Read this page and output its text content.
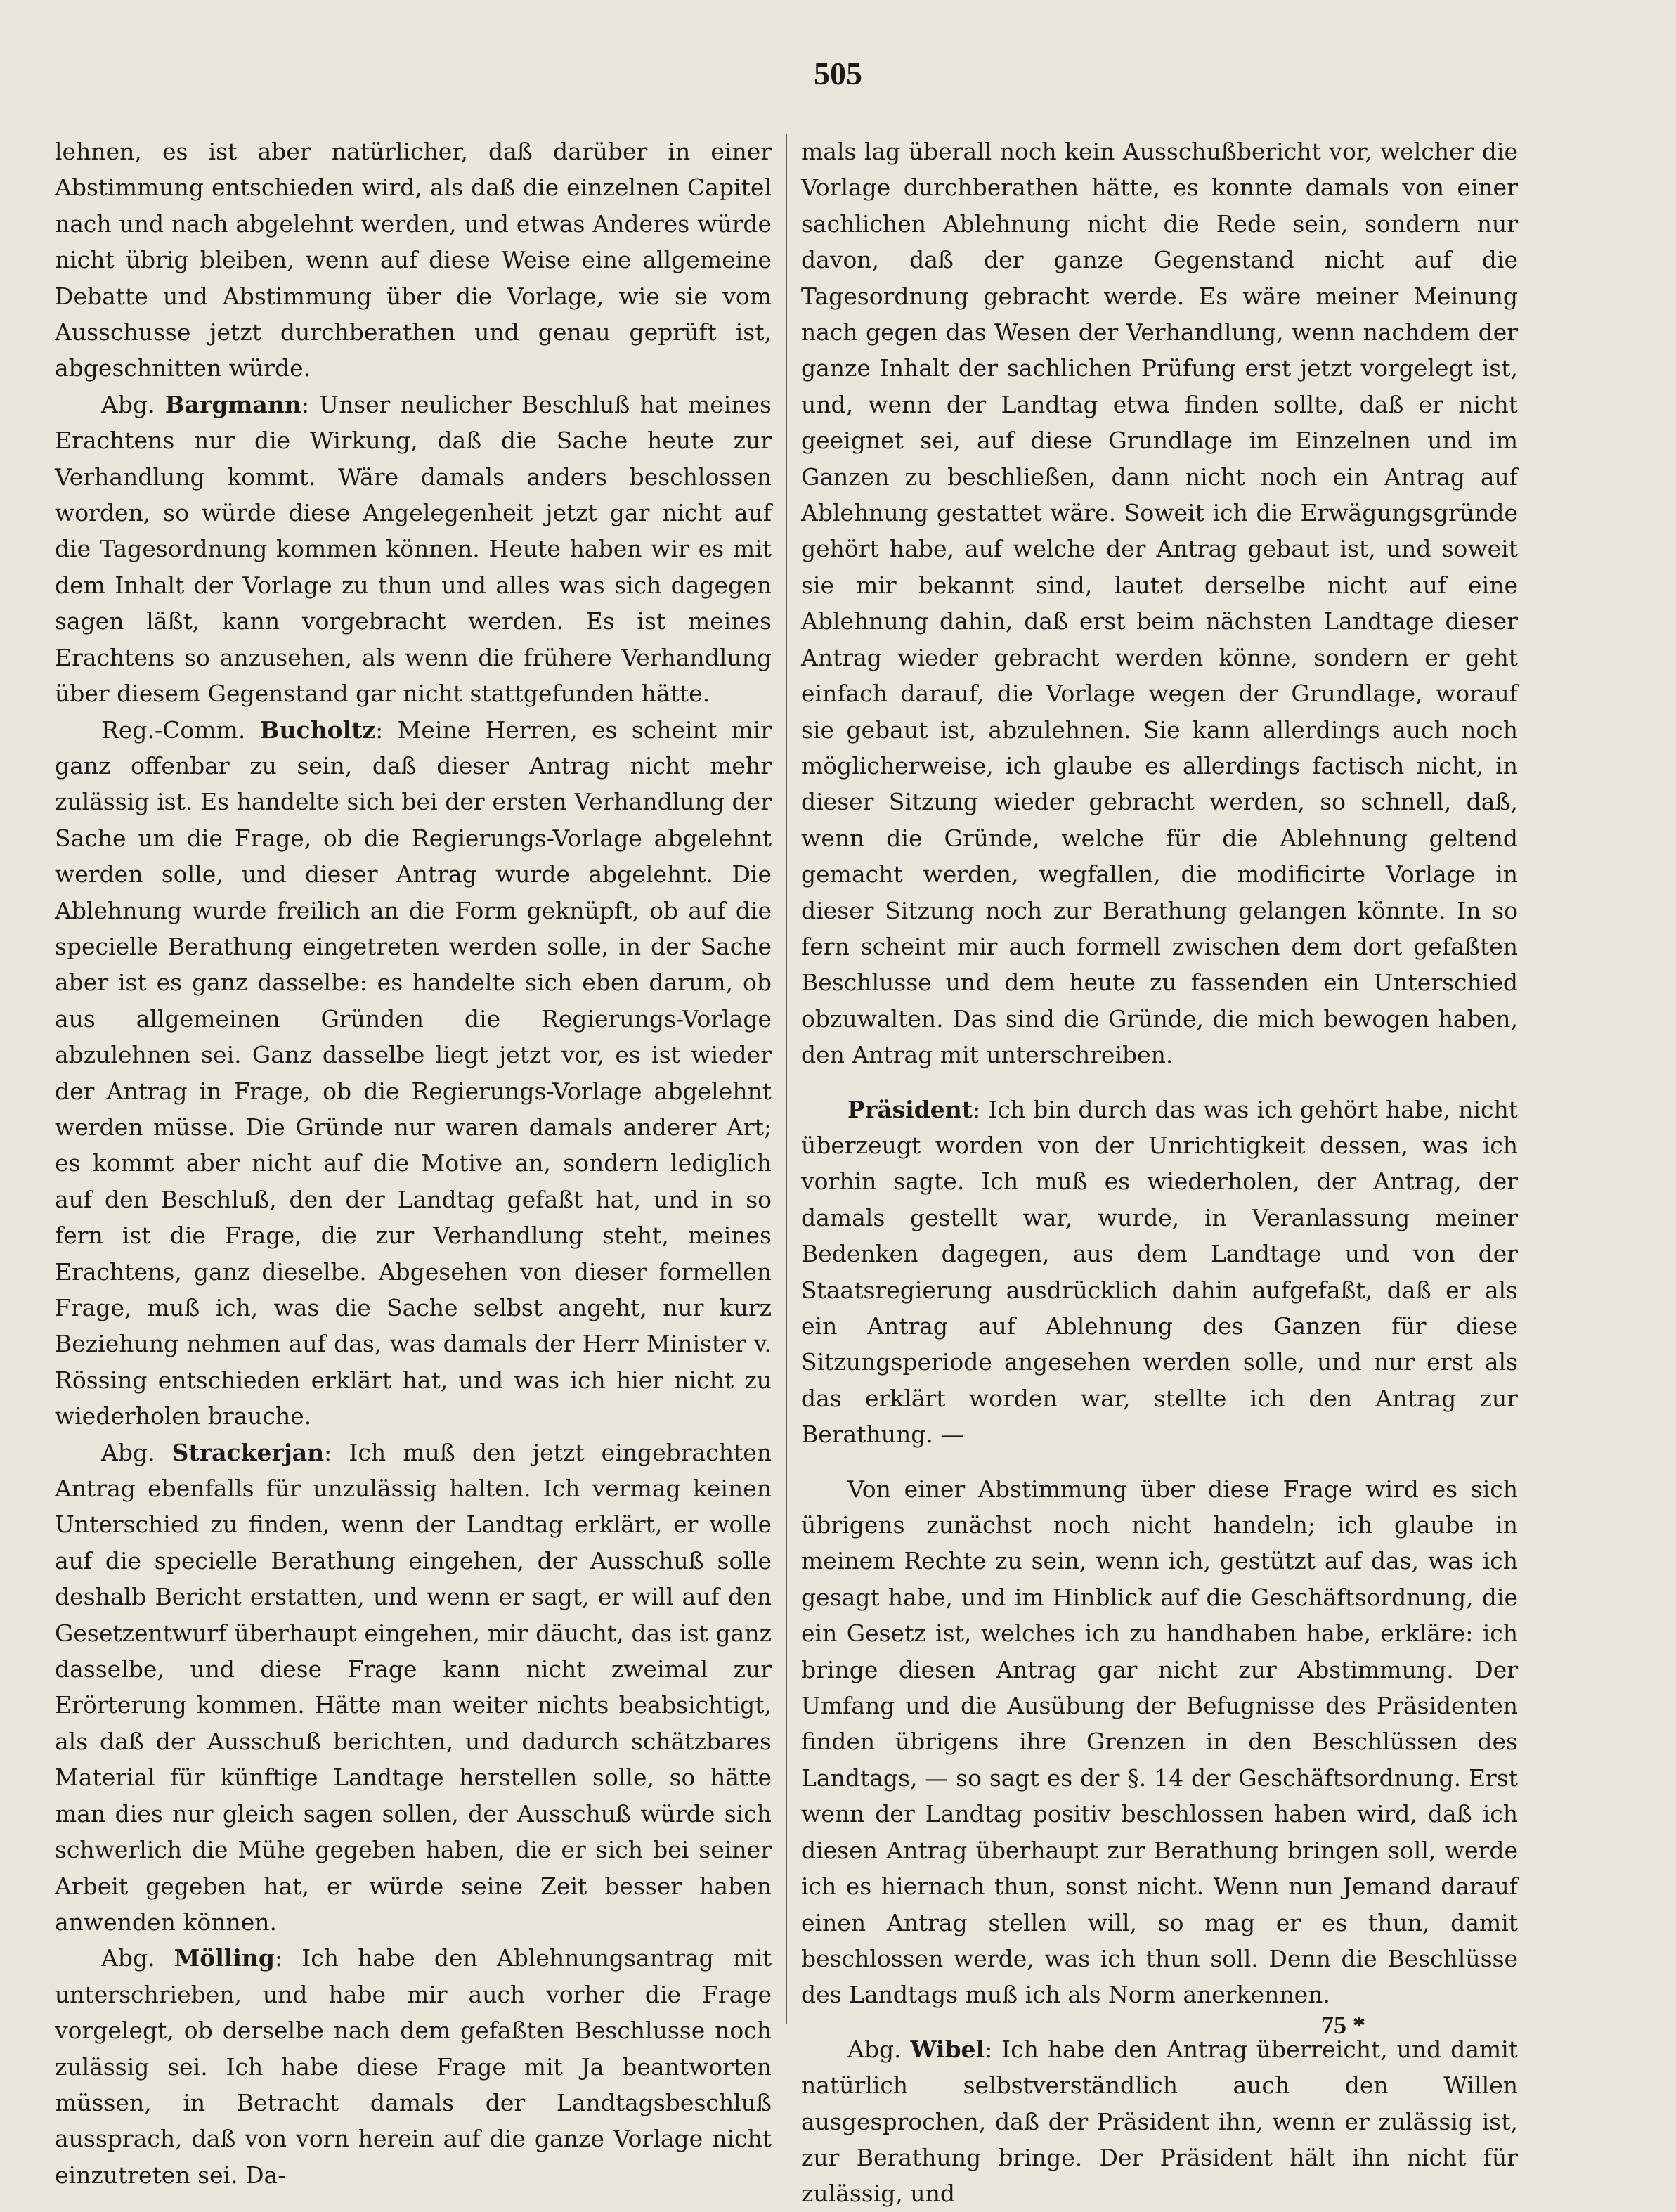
505

lehnen, es ist aber natürlicher, daß darüber in einer Abstimmung entschieden wird, als daß die einzelnen Capitel nach und nach abgelehnt werden, und etwas Anderes würde nicht übrig bleiben, wenn auf diese Weise eine allgemeine Debatte und Abstimmung über die Vorlage, wie sie vom Ausschusse jetzt durchberathen und genau geprüft ist, abgeschnitten würde.

Abg. Bargmann: Unser neulicher Beschluß hat meines Erachtens nur die Wirkung, daß die Sache heute zur Verhandlung kommt. Wäre damals anders beschlossen worden, so würde diese Angelegenheit jetzt gar nicht auf die Tagesordnung kommen können. Heute haben wir es mit dem Inhalt der Vorlage zu thun und alles was sich dagegen sagen läßt, kann vorgebracht werden. Es ist meines Erachtens so anzusehen, als wenn die frühere Verhandlung über diesem Gegenstand gar nicht stattgefunden hätte.

Reg.-Comm. Bucholtz: Meine Herren, es scheint mir ganz offenbar zu sein, daß dieser Antrag nicht mehr zulässig ist. Es handelte sich bei der ersten Verhandlung der Sache um die Frage, ob die Regierungs-Vorlage abgelehnt werden solle, und dieser Antrag wurde abgelehnt. Die Ablehnung wurde freilich an die Form geknüpft, ob auf die specielle Berathung eingetreten werden solle, in der Sache aber ist es ganz dasselbe: es handelte sich eben darum, ob aus allgemeinen Gründen die Regierungs-Vorlage abzulehnen sei. Ganz dasselbe liegt jetzt vor, es ist wieder der Antrag in Frage, ob die Regierungs-Vorlage abgelehnt werden müsse. Die Gründe nur waren damals anderer Art; es kommt aber nicht auf die Motive an, sondern lediglich auf den Beschluß, den der Landtag gefaßt hat, und in so fern ist die Frage, die zur Verhandlung steht, meines Erachtens, ganz dieselbe. Abgesehen von dieser formellen Frage, muß ich, was die Sache selbst angeht, nur kurz Beziehung nehmen auf das, was damals der Herr Minister v. Rössing entschieden erklärt hat, und was ich hier nicht zu wiederholen brauche.

Abg. Strackerjan: Ich muß den jetzt eingebrachten Antrag ebenfalls für unzulässig halten. Ich vermag keinen Unterschied zu finden, wenn der Landtag erklärt, er wolle auf die specielle Berathung eingehen, der Ausschuß solle deshalb Bericht erstatten, und wenn er sagt, er will auf den Gesetzentwurf überhaupt eingehen, mir däucht, das ist ganz dasselbe, und diese Frage kann nicht zweimal zur Erörterung kommen. Hätte man weiter nichts beabsichtigt, als daß der Ausschuß berichten, und dadurch schätzbares Material für künftige Landtage herstellen solle, so hätte man dies nur gleich sagen sollen, der Ausschuß würde sich schwerlich die Mühe gegeben haben, die er sich bei seiner Arbeit gegeben hat, er würde seine Zeit besser haben anwenden können.

Abg. Mölling: Ich habe den Ablehnungsantrag mit unterschrieben, und habe mir auch vorher die Frage vorgelegt, ob derselbe nach dem gefaßten Beschlusse noch zulässig sei. Ich habe diese Frage mit Ja beantworten müssen, in Betracht damals der Landtagsbeschluß aussprach, daß von vorn herein auf die ganze Vorlage nicht einzutreten sei. Da-

mals lag überall noch kein Ausschußbericht vor, welcher die Vorlage durchberathen hätte, es konnte damals von einer sachlichen Ablehnung nicht die Rede sein, sondern nur davon, daß der ganze Gegenstand nicht auf die Tagesordnung gebracht werde. Es wäre meiner Meinung nach gegen das Wesen der Verhandlung, wenn nachdem der ganze Inhalt der sachlichen Prüfung erst jetzt vorgelegt ist, und, wenn der Landtag etwa finden sollte, daß er nicht geeignet sei, auf diese Grundlage im Einzelnen und im Ganzen zu beschließen, dann nicht noch ein Antrag auf Ablehnung gestattet wäre. Soweit ich die Erwägungsgründe gehört habe, auf welche der Antrag gebaut ist, und soweit sie mir bekannt sind, lautet derselbe nicht auf eine Ablehnung dahin, daß erst beim nächsten Landtage dieser Antrag wieder gebracht werden könne, sondern er geht einfach darauf, die Vorlage wegen der Grundlage, worauf sie gebaut ist, abzulehnen. Sie kann allerdings auch noch möglicherweise, ich glaube es allerdings factisch nicht, in dieser Sitzung wieder gebracht werden, so schnell, daß, wenn die Gründe, welche für die Ablehnung geltend gemacht werden, wegfallen, die modificirte Vorlage in dieser Sitzung noch zur Berathung gelangen könnte. In so fern scheint mir auch formell zwischen dem dort gefaßten Beschlusse und dem heute zu fassenden ein Unterschied obzuwalten. Das sind die Gründe, die mich bewogen haben, den Antrag mit unterschreiben.

Präsident: Ich bin durch das was ich gehört habe, nicht überzeugt worden von der Unrichtigkeit dessen, was ich vorhin sagte. Ich muß es wiederholen, der Antrag, der damals gestellt war, wurde, in Veranlassung meiner Bedenken dagegen, aus dem Landtage und von der Staatsregierung ausdrücklich dahin aufgefaßt, daß er als ein Antrag auf Ablehnung des Ganzen für diese Sitzungsperiode angesehen werden solle, und nur erst als das erklärt worden war, stellte ich den Antrag zur Berathung. —

Von einer Abstimmung über diese Frage wird es sich übrigens zunächst noch nicht handeln; ich glaube in meinem Rechte zu sein, wenn ich, gestützt auf das, was ich gesagt habe, und im Hinblick auf die Geschäftsordnung, die ein Gesetz ist, welches ich zu handhaben habe, erkläre: ich bringe diesen Antrag gar nicht zur Abstimmung. Der Umfang und die Ausübung der Befugnisse des Präsidenten finden übrigens ihre Grenzen in den Beschlüssen des Landtags, — so sagt es der §. 14 der Geschäftsordnung. Erst wenn der Landtag positiv beschlossen haben wird, daß ich diesen Antrag überhaupt zur Berathung bringen soll, werde ich es hiernach thun, sonst nicht. Wenn nun Jemand darauf einen Antrag stellen will, so mag er es thun, damit beschlossen werde, was ich thun soll. Denn die Beschlüsse des Landtags muß ich als Norm anerkennen.

Abg. Wibel: Ich habe den Antrag überreicht, und damit natürlich selbstverständlich auch den Willen ausgesprochen, daß der Präsident ihn, wenn er zulässig ist, zur Berathung bringe. Der Präsident hält ihn nicht für zulässig, und

75 *
